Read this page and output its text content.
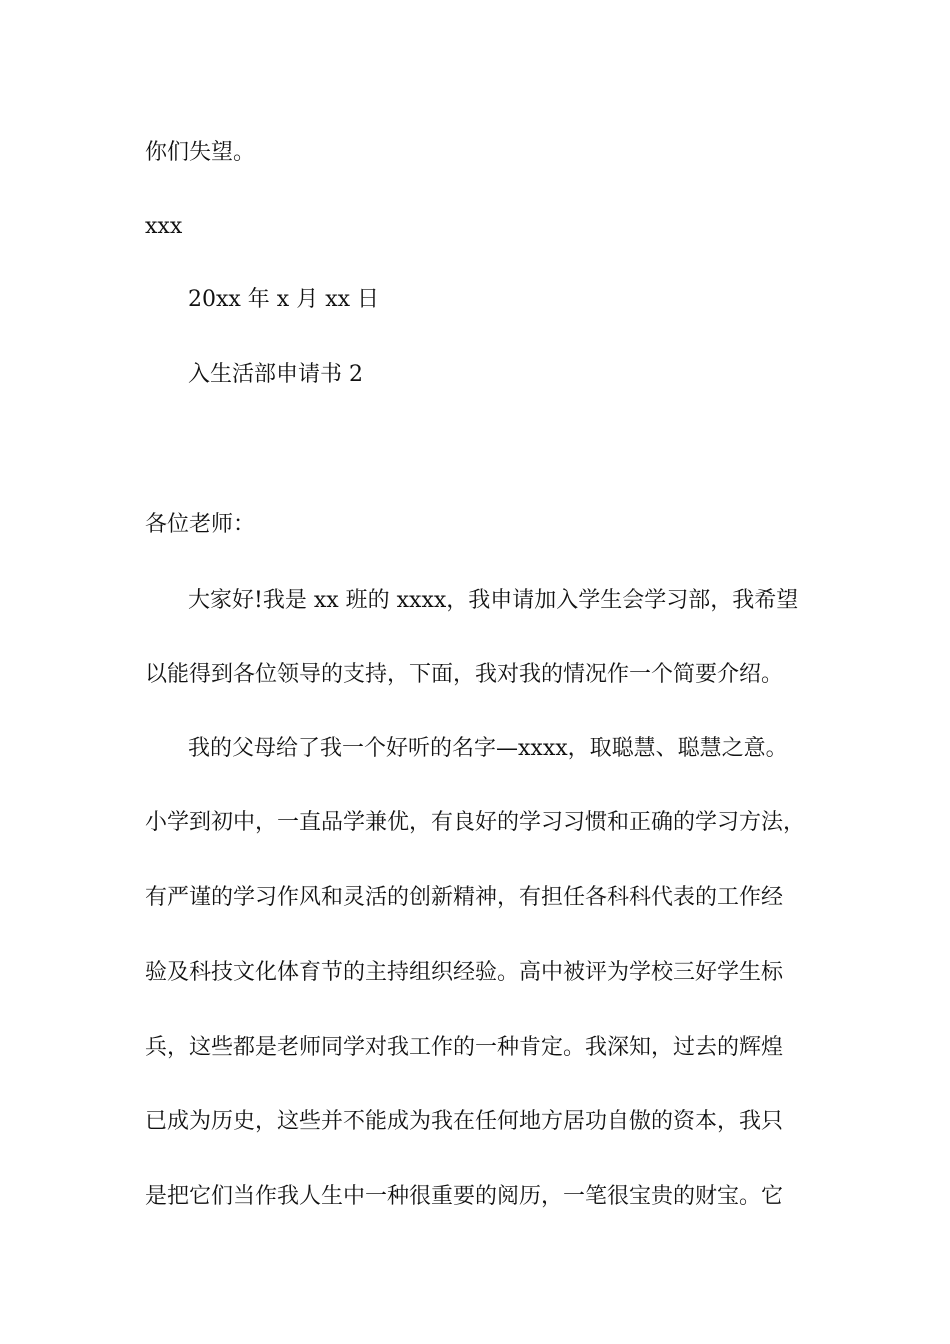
你们失望。
xxx
20xx 年 x 月 xx 日
入生活部申请书 2
各位老师：
大家好!我是 xx 班的 xxxx，我申请加入学生会学习部，我希望
以能得到各位领导的支持，下面，我对我的情况作一个简要介绍。
我的父母给了我一个好听的名字—xxxx，取聪慧、聪慧之意。
小学到初中，一直品学兼优，有良好的学习习惯和正确的学习方法，
有严谨的学习作风和灵活的创新精神，有担任各科科代表的工作经
验及科技文化体育节的主持组织经验。高中被评为学校三好学生标
兵，这些都是老师同学对我工作的一种肯定。我深知，过去的辉煌
已成为历史，这些并不能成为我在任何地方居功自傲的资本，我只
是把它们当作我人生中一种很重要的阅历，一笔很宝贵的财宝。它
